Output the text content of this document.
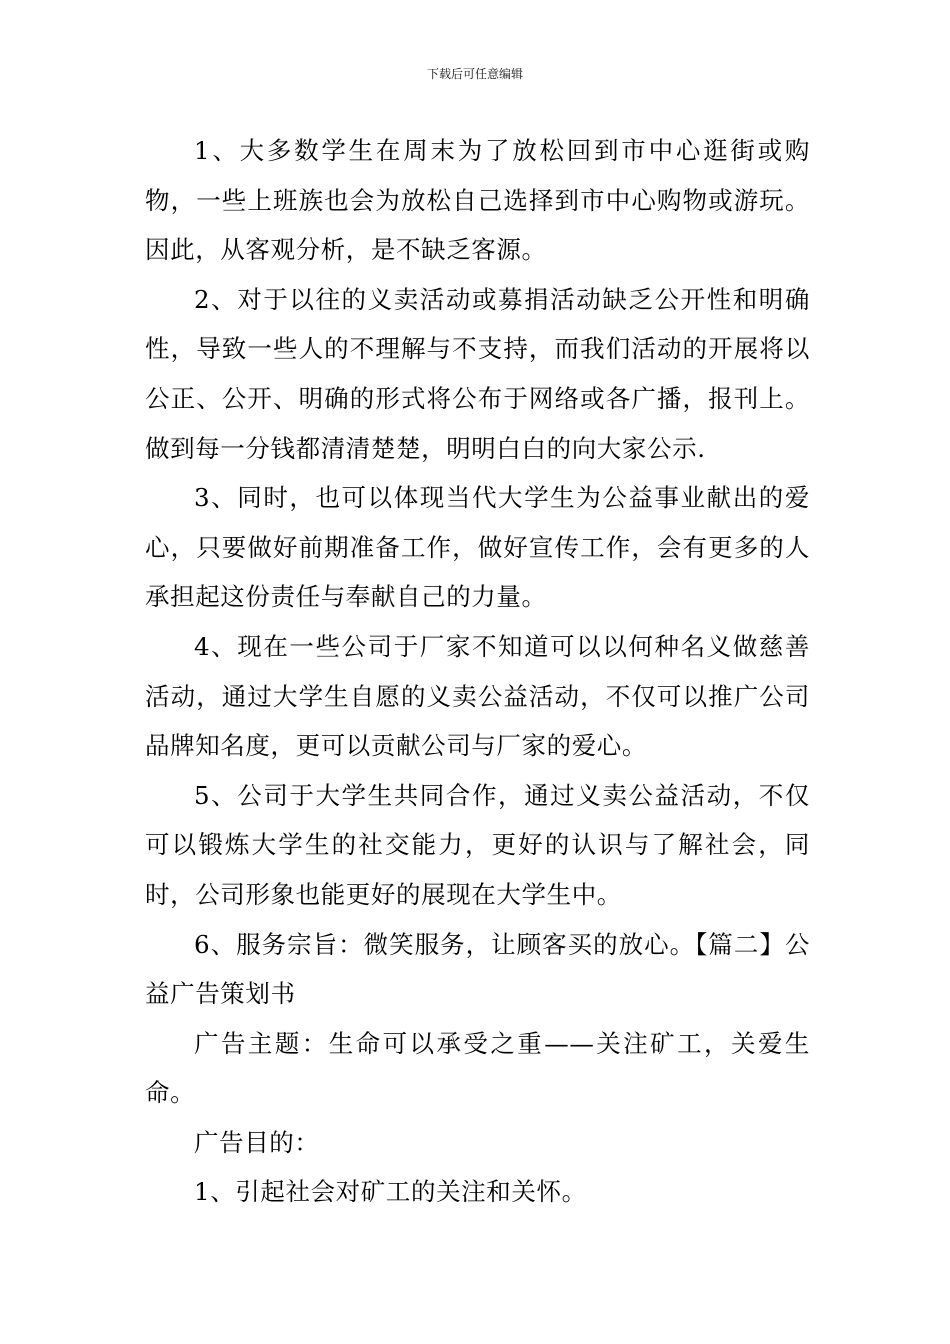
下载后可任意编辑

1、大多数学生在周末为了放松回到市中心逛街或购物，一些上班族也会为放松自己选择到市中心购物或游玩。因此，从客观分析，是不缺乏客源。

2、对于以往的义卖活动或募捐活动缺乏公开性和明确性，导致一些人的不理解与不支持，而我们活动的开展将以公正、公开、明确的形式将公布于网络或各广播，报刊上。做到每一分钱都清清楚楚，明明白白的向大家公示.

3、同时，也可以体现当代大学生为公益事业献出的爱心，只要做好前期准备工作，做好宣传工作，会有更多的人承担起这份责任与奉献自己的力量。

4、现在一些公司于厂家不知道可以以何种名义做慈善活动，通过大学生自愿的义卖公益活动，不仅可以推广公司品牌知名度，更可以贡献公司与厂家的爱心。

5、公司于大学生共同合作，通过义卖公益活动，不仅可以锻炼大学生的社交能力，更好的认识与了解社会，同时，公司形象也能更好的展现在大学生中。

6、服务宗旨：微笑服务，让顾客买的放心。【篇二】公益广告策划书

广告主题：生命可以承受之重——关注矿工，关爱生命。

广告目的：

1、引起社会对矿工的关注和关怀。
